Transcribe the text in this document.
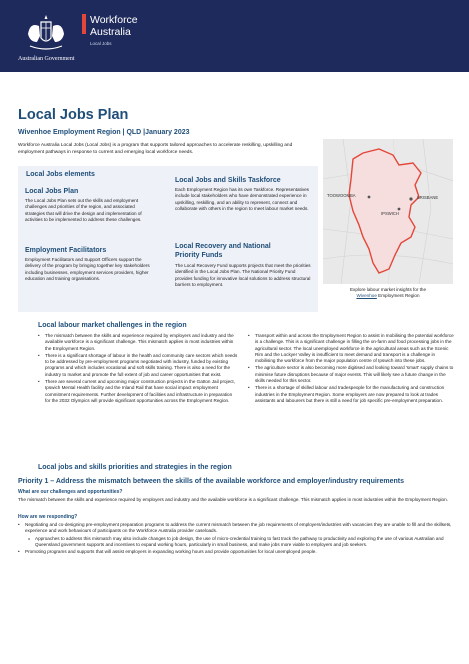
Australian Government
Workforce
Australia
Local Jobs
Local Jobs Plan
Wivenhoe Employment Region | QLD |January 2023
Workforce Australia Local Jobs (Local Jobs) is a program that supports tailored approaches to accelerate reskilling, upskilling and employment pathways in response to current and emerging local workforce needs.
Local Jobs elements
Local Jobs Plan
The Local Jobs Plan sets out the skills and employment challenges and priorities of the region, and associated strategies that will drive the design and implementation of activities to be implemented to address these challenges.
Employment Facilitators
Employment Facilitators and Support Officers support the delivery of the program by bringing together key stakeholders including businesses, employment services providers, higher education and training organisations.
Local Jobs and Skills Taskforce
Each Employment Region has its own Taskforce. Representatives include local stakeholders who have demonstrated experience in upskilling, reskilling, and an ability to represent, connect and collaborate with others in the region to meet labour market needs.
Local Recovery and National
Priority Funds
The Local Recovery Fund supports projects that meet the priorities identified in the Local Jobs Plan. The National Priority Fund provides funding for innovative local solutions to address structural barriers to employment.
BRISBANE
TOOWOOMBA
IPSWICH
Explore labour market insights for the
Wivenhoe Employment Region
Local labour market challenges in the region
• The mismatch between the skills and experience required by employers and industry and the available workforce is a significant challenge. This mismatch applies in most industries within the Employment Region.
• There is a significant shortage of labour in the health and community care sectors which needs to be addressed by pre-employment programs negotiated with industry, funded by existing programs and which includes vocational and soft skills training. There is also a need for the industry to market and promote the full extent of job and career opportunities that exist.
• There are several current and upcoming major construction projects in the Gatton Jail project, Ipswich Mental Health facility and the Inland Rail that have social impact employment commitment requirements. Further development of facilities and infrastructure in preparation for the 2032 Olympics will provide significant opportunities across the Employment Region.
• Transport within and across the Employment Region to assist in mobilising the potential workforce is a challenge. This is a significant challenge in filling the on-farm and food processing jobs in the agricultural sector. The local unemployed workforce in the agricultural areas such as the Scenic Rim and the Lockyer Valley is insufficient to meet demand and transport is a challenge in mobilising the workforce from the major population centre of Ipswich into these jobs.
• The agriculture sector is also becoming more digitised and looking toward 'smart' supply chains to minimise future disruptions because of major events. This will likely see a future change in the skills needed for this sector.
• There is a shortage of skilled labour and tradespeople for the manufacturing and construction industries in the Employment Region. Some employers are now prepared to look at trades assistants and labourers but there is still a need for job specific pre-employment preparation.
Local jobs and skills priorities and strategies in the region
Priority 1 – Address the mismatch between the skills of the available workforce and employer/industry requirements
What are our challenges and opportunities?
The mismatch between the skills and experience required by employers and industry and the available workforce is a significant challenge. This mismatch applies in most industries within the Employment Region.
How are we responding?
• Negotiating and co-designing pre-employment preparation programs to address the current mismatch between the job requirements of employers/industries with vacancies they are unable to fill and the skillsets, experience and work behaviours of participants on the Workforce Australia provider caseloads.
o Approaches to address this mismatch may also include changes to job design, the use of micro-credential training to fast track the pathway to productivity and exploring the use of various Australian and Queensland government supports and incentives to expand working hours, particularly in small business, and make jobs more viable to employers and job seekers.
• Promoting programs and supports that will assist employers in expanding working hours and provide opportunities for local unemployed people.
